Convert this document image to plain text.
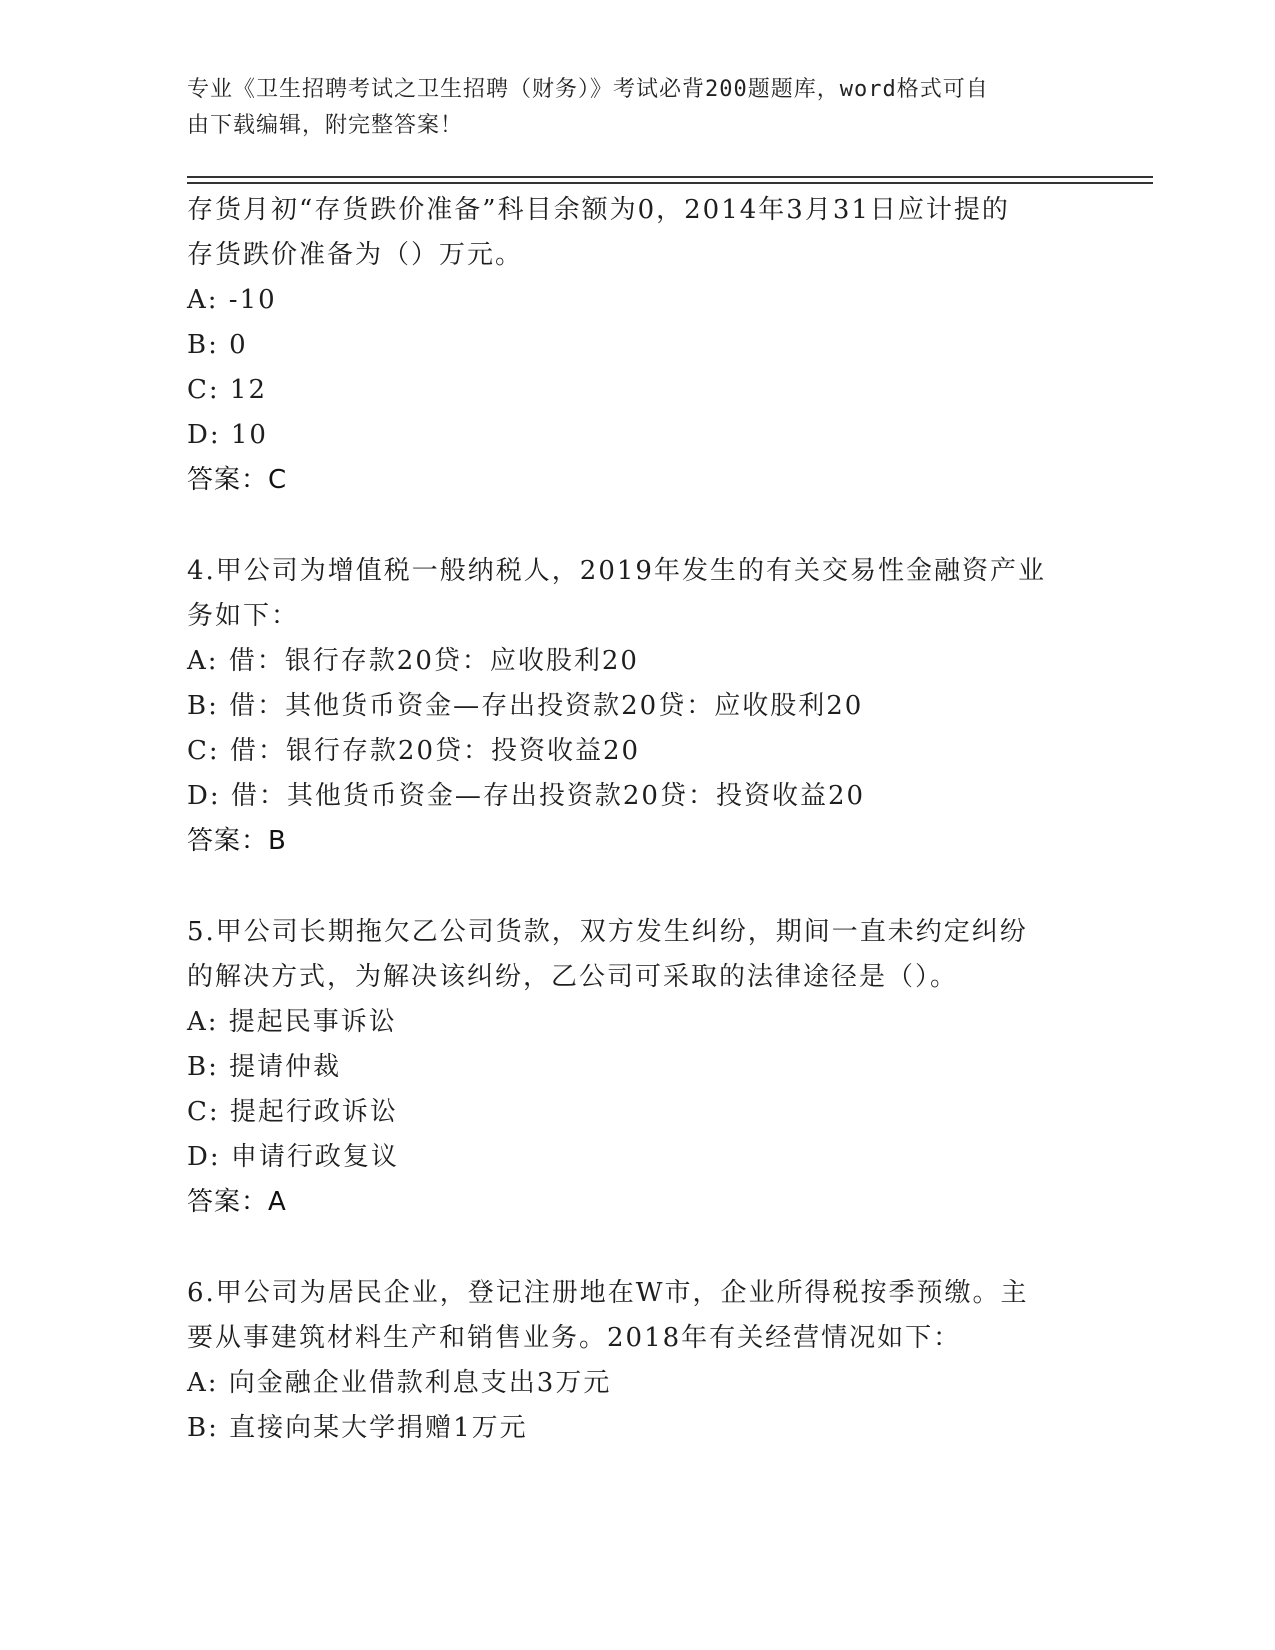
专业《卫生招聘考试之卫生招聘（财务）》考试必背200题题库，word格式可自
由下载编辑，附完整答案！
存货月初“存货跌价准备”科目余额为0，2014年3月31日应计提的
存货跌价准备为（）万元。
A: -10
B: 0
C: 12
D: 10
答案：C
4.甲公司为增值税一般纳税人，2019年发生的有关交易性金融资产业
务如下：
A: 借：银行存款20贷：应收股利20
B: 借：其他货币资金—存出投资款20贷：应收股利20
C: 借：银行存款20贷：投资收益20
D: 借：其他货币资金—存出投资款20贷：投资收益20
答案：B
5.甲公司长期拖欠乙公司货款，双方发生纠纷，期间一直未约定纠纷
的解决方式，为解决该纠纷，乙公司可采取的法律途径是（）。
A: 提起民事诉讼
B: 提请仲裁
C: 提起行政诉讼
D: 申请行政复议
答案：A
6.甲公司为居民企业，登记注册地在W市，企业所得税按季预缴。主
要从事建筑材料生产和销售业务。2018年有关经营情况如下：
A: 向金融企业借款利息支出3万元
B: 直接向某大学捐赠1万元
